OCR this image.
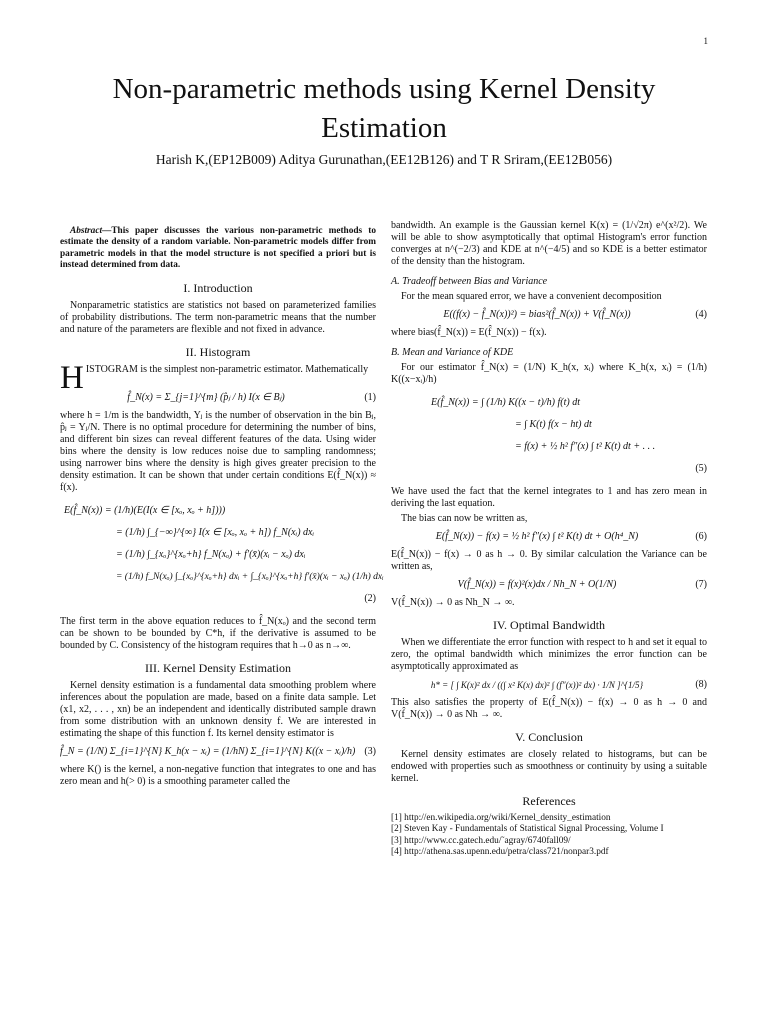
1
Non-parametric methods using Kernel Density Estimation
Harish K,(EP12B009) Aditya Gurunathan,(EE12B126) and T R Sriram,(EE12B056)

Abstract—This paper discusses the various non-parametric methods to estimate the density of a random variable. Non-parametric models differ from parametric models in that the model structure is not specified a priori but is instead determined from data.

I. Introduction

Nonparametric statistics are statistics not based on parameterized families of probability distributions. The term non-parametric means that the number and nature of the parameters are flexible and not fixed in advance.

II. Histogram

HISTOGRAM is the simplest non-parametric estimator. Mathematically

f̂_N(x) = Σ_{j=1}^{m} (p̂ⱼ / h) I(x ∈ Bⱼ)	(1)

where h = 1/m is the bandwidth, Yⱼ is the number of observation in the bin Bⱼ, p̂ⱼ = Yⱼ/N. There is no optimal procedure for determining the number of bins, and different bin sizes can reveal different features of the data. Using wider bins where the density is low reduces noise due to sampling randomness; using narrower bins where the density is high gives greater precision to the density estimation. It can be shown that under certain conditions E(f̂_N(x)) ≈ f(x).

E(f̂_N(x)) = (1/h)(E(I(x ∈ [xₒ, xₒ + h])))
= (1/h) ∫_{−∞}^{∞} I(x ∈ [xₒ, xₒ + h]) f_N(xᵢ) dxᵢ
= (1/h) ∫_{xₒ}^{xₒ+h} f_N(xₒ) + f′(x̄)(xᵢ − xₒ) dxᵢ
= (1/h) f_N(xₒ) ∫_{xₒ}^{xₒ+h} dxᵢ + ∫_{xₒ}^{xₒ+h} f′(x̄)(xᵢ − xₒ) (1/h) dxᵢ
(2)

The first term in the above equation reduces to f̂_N(xₒ) and the second term can be shown to be bounded by C*h, if the derivative is assumed to be bounded by C. Consistency of the histogram requires that h→0 as n→∞.

III. Kernel Density Estimation

Kernel density estimation is a fundamental data smoothing problem where inferences about the population are made, based on a finite data sample. Let (x1, x2, . . . , xn) be an independent and identically distributed sample drawn from some distribution with an unknown density f. We are interested in estimating the shape of this function f. Its kernel density estimator is

f̂_N = (1/N) Σ_{i=1}^{N} K_h(x − xᵢ) = (1/hN) Σ_{i=1}^{N} K((x − xᵢ)/h) (3)

where K() is the kernel, a non-negative function that integrates to one and has zero mean and h(> 0) is a smoothing parameter called the

bandwidth. An example is the Gaussian kernel K(x) = (1/√2π) e^(x²/2). We will be able to show asymptotically that optimal Histogram's error function converges at n^(−2/3) and KDE at n^(−4/5) and so KDE is a better estimator of the density than the histogram.

A. Tradeoff between Bias and Variance

For the mean squared error, we have a convenient decomposition

E((f(x) − f̂_N(x))²) = bias²(f̂_N(x)) + V(f̂_N(x))	(4)

where bias(f̂_N(x)) = E(f̂_N(x)) − f(x).

B. Mean and Variance of KDE

For our estimator f̂_N(x) = (1/N) K_h(x, xᵢ) where K_h(x, xᵢ) = (1/h) K((x−xᵢ)/h)

E(f̂_N(x)) = ∫ (1/h) K((x − t)/h) f(t) dt
= ∫ K(t) f(x − ht) dt
= f(x) + ½ h² f″(x) ∫ t² K(t) dt + . . .
(5)

We have used the fact that the kernel integrates to 1 and has zero mean in deriving the last equation.

The bias can now be written as,

E(f̂_N(x)) − f(x) = ½ h² f″(x) ∫ t² K(t) dt + O(h⁴_N)	(6)

E(f̂_N(x)) − f(x) → 0 as h → 0. By similar calculation the Variance can be written as,

V(f̂_N(x)) = f(x)²(x)dx / Nh_N + O(1/N)	(7)

V(f̂_N(x)) → 0 as Nh_N → ∞.

IV. Optimal Bandwidth

When we differentiate the error function with respect to h and set it equal to zero, the optimal bandwidth which minimizes the error function can be asymptotically approximated as

h* = [ ∫ K(x)² dx / ((∫ x² K(x) dx)² ∫ (f″(x))² dx) · 1/N ]^{1/5}	(8)

This also satisfies the property of E(f̂_N(x)) − f(x) → 0 as h → 0 and V(f̂_N(x)) → 0 as Nh → ∞.

V. Conclusion

Kernel density estimates are closely related to histograms, but can be endowed with properties such as smoothness or continuity by using a suitable kernel.

References
[1] http://en.wikipedia.org/wiki/Kernel_density_estimation
[2] Steven Kay - Fundamentals of Statistical Signal Processing, Volume I
[3] http://www.cc.gatech.edu/˜agray/6740fall09/
[4] http://athena.sas.upenn.edu/petra/class721/nonpar3.pdf
